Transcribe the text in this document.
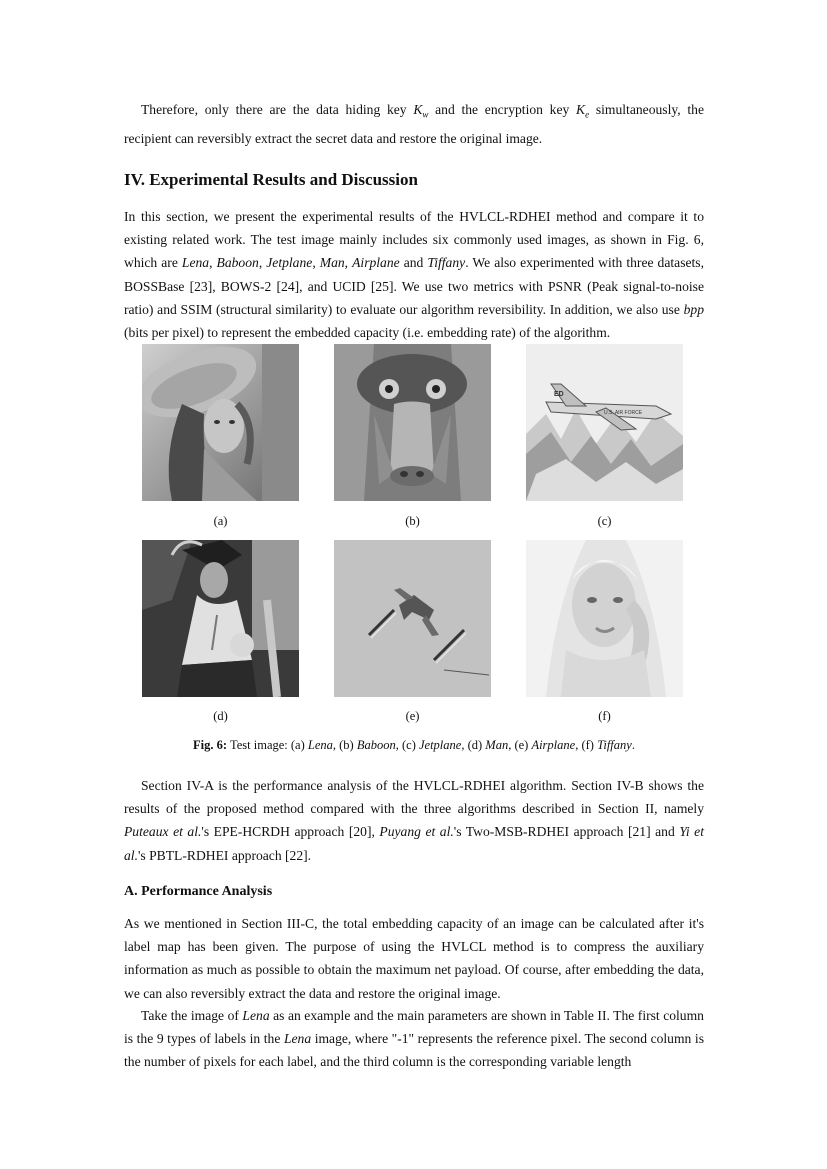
Therefore, only there are the data hiding key $K_w$ and the encryption key $K_e$ simultaneously, the recipient can reversibly extract the secret data and restore the original image.

IV. Experimental Results and Discussion

In this section, we present the experimental results of the HVLCL-RDHEI method and compare it to existing related work. The test image mainly includes six commonly used images, as shown in Fig. 6, which are Lena, Baboon, Jetplane, Man, Airplane and Tiffany. We also experimented with three datasets, BOSSBase [23], BOWS-2 [24], and UCID [25]. We use two metrics with PSNR (Peak signal-to-noise ratio) and SSIM (structural similarity) to evaluate our algorithm reversibility. In addition, we also use bpp (bits per pixel) to represent the embedded capacity (i.e. embedding rate) of the algorithm.

(a)	(b)
U.S. AIR FORCE
ED
(c)
(d)	(e)	(f)
Fig. 6: Test image: (a) Lena, (b) Baboon, (c) Jetplane, (d) Man, (e) Airplane, (f) Tiffany.

Section IV-A is the performance analysis of the HVLCL-RDHEI algorithm. Section IV-B shows the results of the proposed method compared with the three algorithms described in Section II, namely Puteaux et al.'s EPE-HCRDH approach [20], Puyang et al.'s Two-MSB-RDHEI approach [21] and Yi et al.'s PBTL-RDHEI approach [22].

A. Performance Analysis

As we mentioned in Section III-C, the total embedding capacity of an image can be calculated after it's label map has been given. The purpose of using the HVLCL method is to compress the auxiliary information as much as possible to obtain the maximum net payload. Of course, after embedding the data, we can also reversibly extract the data and restore the original image.

Take the image of Lena as an example and the main parameters are shown in Table II. The first column is the 9 types of labels in the Lena image, where "-1" represents the reference pixel. The second column is the number of pixels for each label, and the third column is the corresponding variable length
